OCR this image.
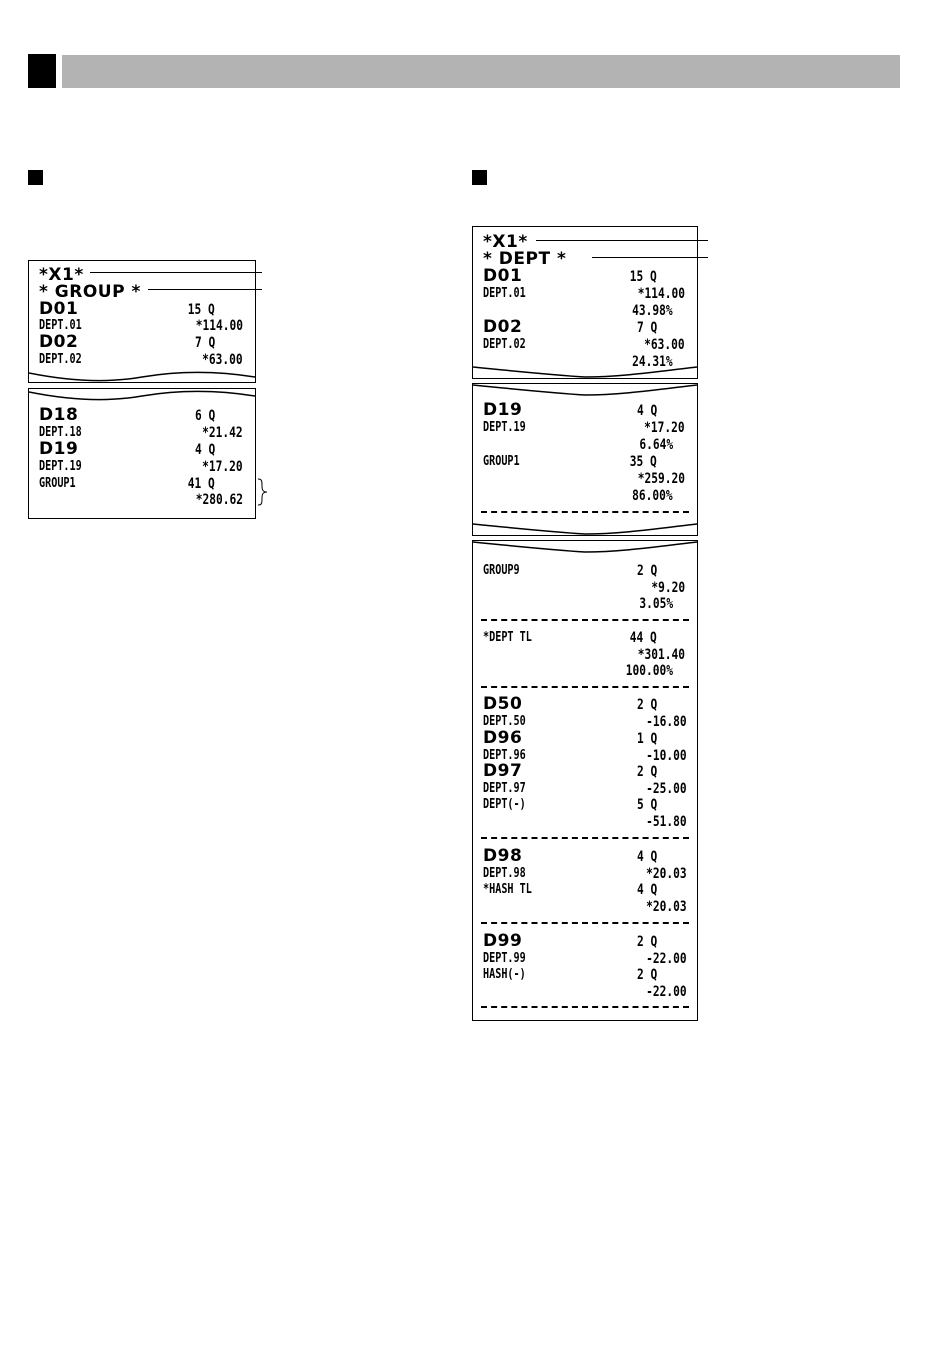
*X1*
* GROUP *
D01	15 Q
DEPT.01	*114.00
D02	7 Q
DEPT.02	*63.00
D18	6 Q
DEPT.18	*21.42
D19	4 Q
DEPT.19	*17.20
GROUP1	41 Q
*280.62
*X1*
* DEPT *
D01	15 Q
DEPT.01	*114.00
43.98%
D02	7 Q
DEPT.02	*63.00
24.31%
D19	4 Q
DEPT.19	*17.20
6.64%
GROUP1	35 Q
*259.20
86.00%
GROUP9	2 Q
*9.20
3.05%
*DEPT TL	44 Q
*301.40
100.00%
D50	2 Q
DEPT.50	-16.80
D96	1 Q
DEPT.96	-10.00
D97	2 Q
DEPT.97	-25.00
DEPT(-)	5 Q
-51.80
D98	4 Q
DEPT.98	*20.03
*HASH TL	4 Q
*20.03
D99	2 Q
DEPT.99	-22.00
HASH(-)	2 Q
-22.00
